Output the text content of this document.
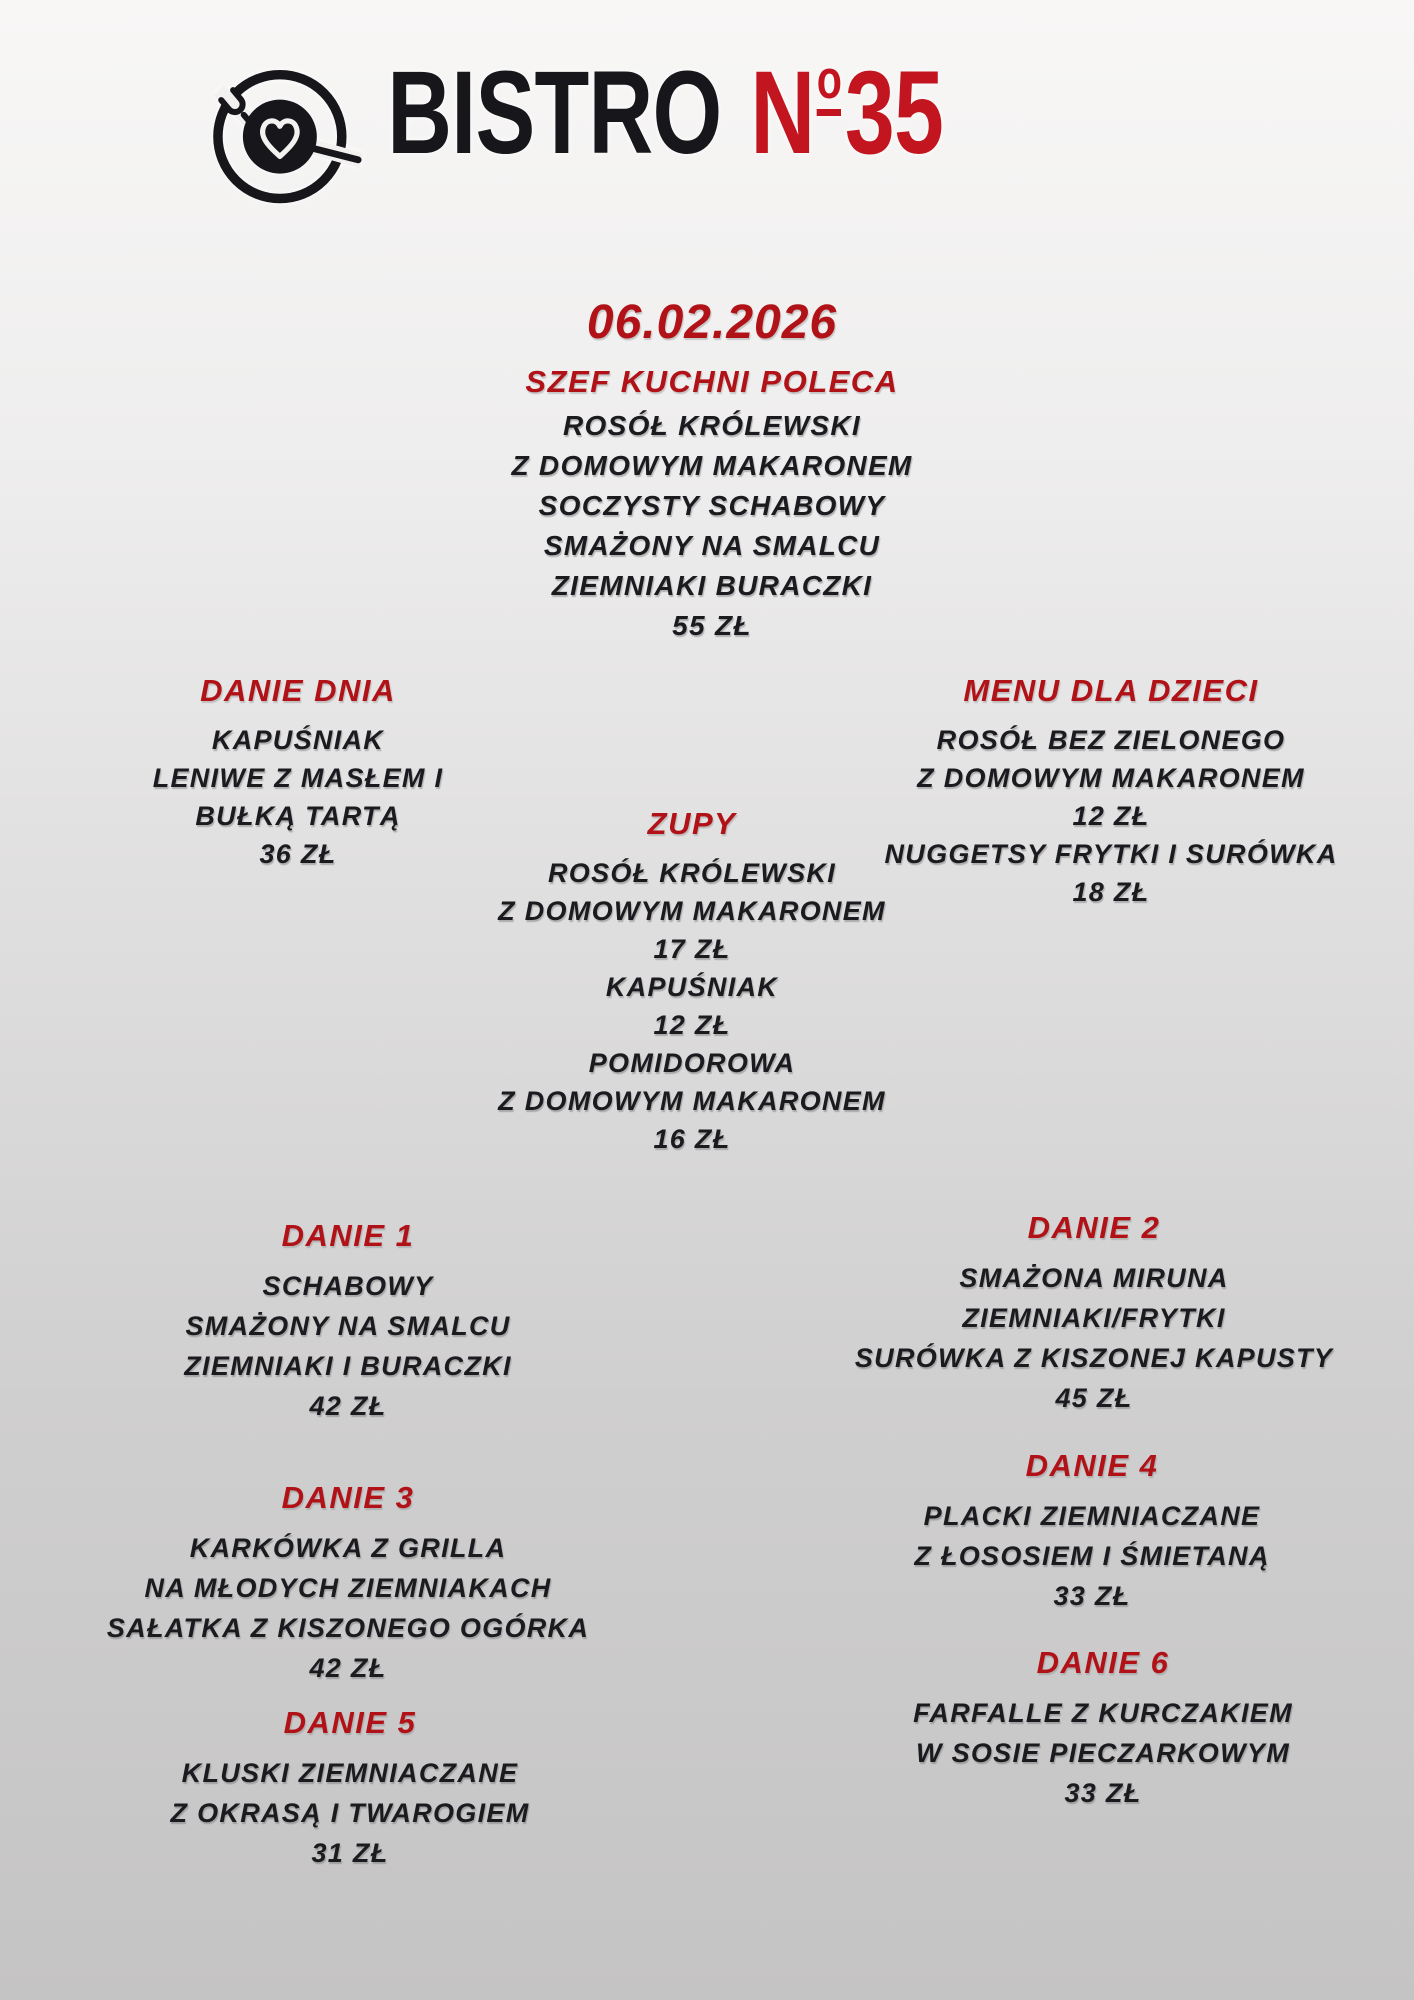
BISTRO N o 35
06.02.2026
SZEF KUCHNI POLECA
ROSÓŁ KRÓLEWSKI
Z DOMOWYM MAKARONEM
SOCZYSTY SCHABOWY
SMAŻONY NA SMALCU
ZIEMNIAKI BURACZKI
55 ZŁ
DANIE DNIA
KAPUŚNIAK
LENIWE Z MASŁEM I
BUŁKĄ TARTĄ
36 ZŁ
MENU DLA DZIECI
ROSÓŁ BEZ ZIELONEGO
Z DOMOWYM MAKARONEM
12 ZŁ
NUGGETSY FRYTKI I SURÓWKA
18 ZŁ
ZUPY
ROSÓŁ KRÓLEWSKI
Z DOMOWYM MAKARONEM
17 ZŁ
KAPUŚNIAK
12 ZŁ
POMIDOROWA
Z DOMOWYM MAKARONEM
16 ZŁ
DANIE 1
SCHABOWY
SMAŻONY NA SMALCU
ZIEMNIAKI I BURACZKI
42 ZŁ
DANIE 2
SMAŻONA MIRUNA
ZIEMNIAKI/FRYTKI
SURÓWKA Z KISZONEJ KAPUSTY
45 ZŁ
DANIE 3
KARKÓWKA Z GRILLA
NA MŁODYCH ZIEMNIAKACH
SAŁATKA Z KISZONEGO OGÓRKA
42 ZŁ
DANIE 4
PLACKI ZIEMNIACZANE
Z ŁOSOSIEM I ŚMIETANĄ
33 ZŁ
DANIE 5
KLUSKI ZIEMNIACZANE
Z OKRASĄ I TWAROGIEM
31 ZŁ
DANIE 6
FARFALLE Z KURCZAKIEM
W SOSIE PIECZARKOWYM
33 ZŁ
